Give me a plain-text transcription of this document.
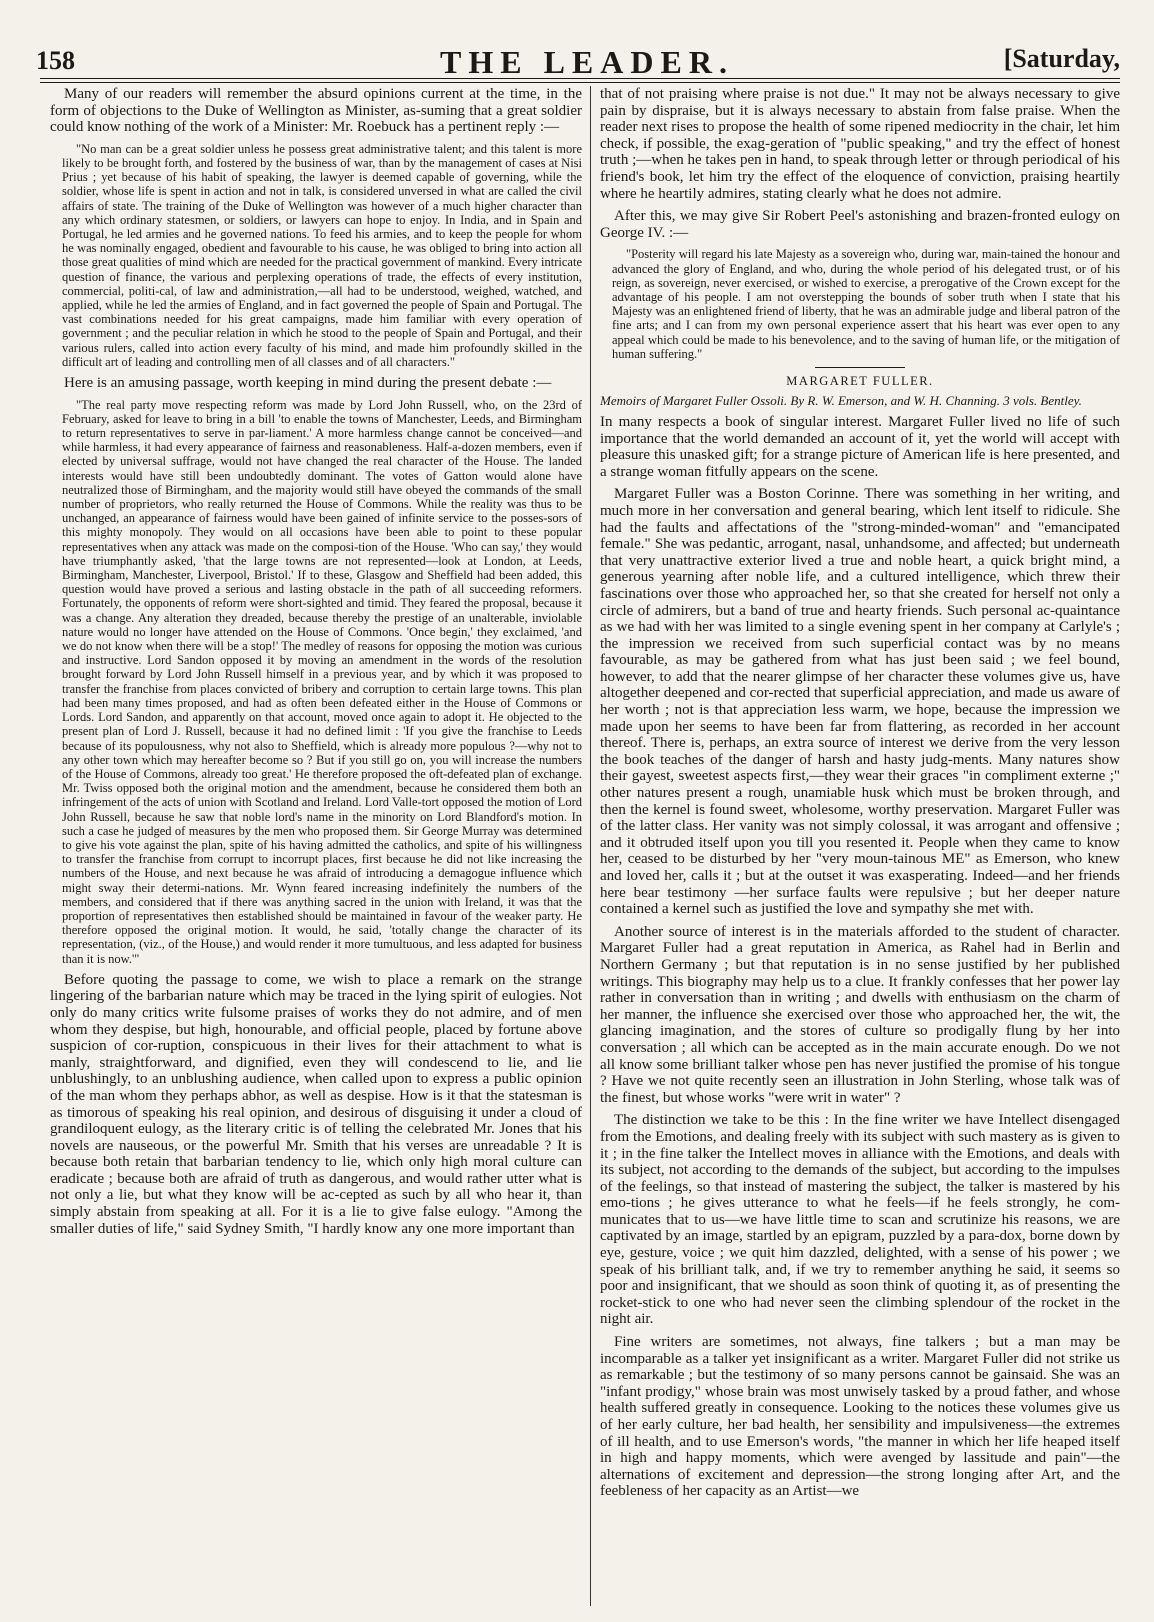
158	THE LEADER.	[Saturday,

Many of our readers will remember the absurd opinions current at the time, in the form of objections to the Duke of Wellington as Minister, as-suming that a great soldier could know nothing of the work of a Minister: Mr. Roebuck has a pertinent reply :—

"No man can be a great soldier unless he possess great administrative talent; and this talent is more likely to be brought forth, and fostered by the business of war, than by the management of cases at Nisi Prius ; yet because of his habit of speaking, the lawyer is deemed capable of governing, while the soldier, whose life is spent in action and not in talk, is considered unversed in what are called the civil affairs of state. The training of the Duke of Wellington was however of a much higher character than any which ordinary statesmen, or soldiers, or lawyers can hope to enjoy. In India, and in Spain and Portugal, he led armies and he governed nations. To feed his armies, and to keep the people for whom he was nominally engaged, obedient and favourable to his cause, he was obliged to bring into action all those great qualities of mind which are needed for the practical government of mankind. Every intricate question of finance, the various and perplexing operations of trade, the effects of every institution, commercial, politi-cal, of law and administration,—all had to be understood, weighed, watched, and applied, while he led the armies of England, and in fact governed the people of Spain and Portugal. The vast combinations needed for his great campaigns, made him familiar with every operation of government ; and the peculiar relation in which he stood to the people of Spain and Portugal, and their various rulers, called into action every faculty of his mind, and made him profoundly skilled in the difficult art of leading and controlling men of all classes and of all characters."

Here is an amusing passage, worth keeping in mind during the present debate :—

"The real party move respecting reform was made by Lord John Russell, who, on the 23rd of February, asked for leave to bring in a bill 'to enable the towns of Manchester, Leeds, and Birmingham to return representatives to serve in par-liament.' A more harmless change cannot be conceived—and while harmless, it had every appearance of fairness and reasonableness. Half-a-dozen members, even if elected by universal suffrage, would not have changed the real character of the House. The landed interests would have still been undoubtedly dominant. The votes of Gatton would alone have neutralized those of Birmingham, and the majority would still have obeyed the commands of the small number of proprietors, who really returned the House of Commons. While the reality was thus to be unchanged, an appearance of fairness would have been gained of infinite service to the posses-sors of this mighty monopoly. They would on all occasions have been able to point to these popular representatives when any attack was made on the composi-tion of the House. 'Who can say,' they would have triumphantly asked, 'that the large towns are not represented—look at London, at Leeds, Birmingham, Manchester, Liverpool, Bristol.' If to these, Glasgow and Sheffield had been added, this question would have proved a serious and lasting obstacle in the path of all succeeding reformers. Fortunately, the opponents of reform were short-sighted and timid. They feared the proposal, because it was a change. Any alteration they dreaded, because thereby the prestige of an unalterable, inviolable nature would no longer have attended on the House of Commons. 'Once begin,' they exclaimed, 'and we do not know when there will be a stop!' The medley of reasons for opposing the motion was curious and instructive. Lord Sandon opposed it by moving an amendment in the words of the resolution brought forward by Lord John Russell himself in a previous year, and by which it was proposed to transfer the franchise from places convicted of bribery and corruption to certain large towns. This plan had been many times proposed, and had as often been defeated either in the House of Commons or Lords. Lord Sandon, and apparently on that account, moved once again to adopt it. He objected to the present plan of Lord J. Russell, because it had no defined limit : 'If you give the franchise to Leeds because of its populousness, why not also to Sheffield, which is already more populous ?—why not to any other town which may hereafter become so ? But if you still go on, you will increase the numbers of the House of Commons, already too great.' He therefore proposed the oft-defeated plan of exchange. Mr. Twiss opposed both the original motion and the amendment, because he considered them both an infringement of the acts of union with Scotland and Ireland. Lord Valle-tort opposed the motion of Lord John Russell, because he saw that noble lord's name in the minority on Lord Blandford's motion. In such a case he judged of measures by the men who proposed them. Sir George Murray was determined to give his vote against the plan, spite of his having admitted the catholics, and spite of his willingness to transfer the franchise from corrupt to incorrupt places, first because he did not like increasing the numbers of the House, and next because he was afraid of introducing a demagogue influence which might sway their determi-nations. Mr. Wynn feared increasing indefinitely the numbers of the members, and considered that if there was anything sacred in the union with Ireland, it was that the proportion of representatives then established should be maintained in favour of the weaker party. He therefore opposed the original motion. It would, he said, 'totally change the character of its representation, (viz., of the House,) and would render it more tumultuous, and less adapted for business than it is now.'"

Before quoting the passage to come, we wish to place a remark on the strange lingering of the barbarian nature which may be traced in the lying spirit of eulogies. Not only do many critics write fulsome praises of works they do not admire, and of men whom they despise, but high, honourable, and official people, placed by fortune above suspicion of cor-ruption, conspicuous in their lives for their attachment to what is manly, straightforward, and dignified, even they will condescend to lie, and lie unblushingly, to an unblushing audience, when called upon to express a public opinion of the man whom they perhaps abhor, as well as despise. How is it that the statesman is as timorous of speaking his real opinion, and desirous of disguising it under a cloud of grandiloquent eulogy, as the literary critic is of telling the celebrated Mr. Jones that his novels are nauseous, or the powerful Mr. Smith that his verses are unreadable ? It is because both retain that barbarian tendency to lie, which only high moral culture can eradicate ; because both are afraid of truth as dangerous, and would rather utter what is not only a lie, but what they know will be ac-cepted as such by all who hear it, than simply abstain from speaking at all. For it is a lie to give false eulogy. "Among the smaller duties of life," said Sydney Smith, "I hardly know any one more important than

that of not praising where praise is not due." It may not be always necessary to give pain by dispraise, but it is always necessary to abstain from false praise. When the reader next rises to propose the health of some ripened mediocrity in the chair, let him check, if possible, the exag-geration of "public speaking," and try the effect of honest truth ;—when he takes pen in hand, to speak through letter or through periodical of his friend's book, let him try the effect of the eloquence of conviction, praising heartily where he heartily admires, stating clearly what he does not admire.

After this, we may give Sir Robert Peel's astonishing and brazen-fronted eulogy on George IV. :—

"Posterity will regard his late Majesty as a sovereign who, during war, main-tained the honour and advanced the glory of England, and who, during the whole period of his delegated trust, or of his reign, as sovereign, never exercised, or wished to exercise, a prerogative of the Crown except for the advantage of his people. I am not overstepping the bounds of sober truth when I state that his Majesty was an enlightened friend of liberty, that he was an admirable judge and liberal patron of the fine arts; and I can from my own personal experience assert that his heart was ever open to any appeal which could be made to his benevolence, and to the saving of human life, or the mitigation of human suffering."

MARGARET FULLER.

Memoirs of Margaret Fuller Ossoli. By R. W. Emerson, and W. H. Channing. 3 vols. Bentley.

In many respects a book of singular interest. Margaret Fuller lived no life of such importance that the world demanded an account of it, yet the world will accept with pleasure this unasked gift; for a strange picture of American life is here presented, and a strange woman fitfully appears on the scene.

Margaret Fuller was a Boston Corinne. There was something in her writing, and much more in her conversation and general bearing, which lent itself to ridicule. She had the faults and affectations of the "strong-minded-woman" and "emancipated female." She was pedantic, arrogant, nasal, unhandsome, and affected; but underneath that very unattractive exterior lived a true and noble heart, a quick bright mind, a generous yearning after noble life, and a cultured intelligence, which threw their fascinations over those who approached her, so that she created for herself not only a circle of admirers, but a band of true and hearty friends. Such personal ac-quaintance as we had with her was limited to a single evening spent in her company at Carlyle's ; the impression we received from such superficial contact was by no means favourable, as may be gathered from what has just been said ; we feel bound, however, to add that the nearer glimpse of her character these volumes give us, have altogether deepened and cor-rected that superficial appreciation, and made us aware of her worth ; not is that appreciation less warm, we hope, because the impression we made upon her seems to have been far from flattering, as recorded in her account thereof. There is, perhaps, an extra source of interest we derive from the very lesson the book teaches of the danger of harsh and hasty judg-ments. Many natures show their gayest, sweetest aspects first,—they wear their graces "in compliment externe ;" other natures present a rough, unamiable husk which must be broken through, and then the kernel is found sweet, wholesome, worthy preservation. Margaret Fuller was of the latter class. Her vanity was not simply colossal, it was arrogant and offensive ; and it obtruded itself upon you till you resented it. People when they came to know her, ceased to be disturbed by her "very moun-tainous ME" as Emerson, who knew and loved her, calls it ; but at the outset it was exasperating. Indeed—and her friends here bear testimony —her surface faults were repulsive ; but her deeper nature contained a kernel such as justified the love and sympathy she met with.

Another source of interest is in the materials afforded to the student of character. Margaret Fuller had a great reputation in America, as Rahel had in Berlin and Northern Germany ; but that reputation is in no sense justified by her published writings. This biography may help us to a clue. It frankly confesses that her power lay rather in conversation than in writing ; and dwells with enthusiasm on the charm of her manner, the influence she exercised over those who approached her, the wit, the glancing imagination, and the stores of culture so prodigally flung by her into conversation ; all which can be accepted as in the main accurate enough. Do we not all know some brilliant talker whose pen has never justified the promise of his tongue ? Have we not quite recently seen an illustration in John Sterling, whose talk was of the finest, but whose works "were writ in water" ?

The distinction we take to be this : In the fine writer we have Intellect disengaged from the Emotions, and dealing freely with its subject with such mastery as is given to it ; in the fine talker the Intellect moves in alliance with the Emotions, and deals with its subject, not according to the demands of the subject, but according to the impulses of the feelings, so that instead of mastering the subject, the talker is mastered by his emo-tions ; he gives utterance to what he feels—if he feels strongly, he com-municates that to us—we have little time to scan and scrutinize his reasons, we are captivated by an image, startled by an epigram, puzzled by a para-dox, borne down by eye, gesture, voice ; we quit him dazzled, delighted, with a sense of his power ; we speak of his brilliant talk, and, if we try to remember anything he said, it seems so poor and insignificant, that we should as soon think of quoting it, as of presenting the rocket-stick to one who had never seen the climbing splendour of the rocket in the night air.

Fine writers are sometimes, not always, fine talkers ; but a man may be incomparable as a talker yet insignificant as a writer. Margaret Fuller did not strike us as remarkable ; but the testimony of so many persons cannot be gainsaid. She was an "infant prodigy," whose brain was most unwisely tasked by a proud father, and whose health suffered greatly in consequence. Looking to the notices these volumes give us of her early culture, her bad health, her sensibility and impulsiveness—the extremes of ill health, and to use Emerson's words, "the manner in which her life heaped itself in high and happy moments, which were avenged by lassitude and pain"—the alternations of excitement and depression—the strong longing after Art, and the feebleness of her capacity as an Artist—we
